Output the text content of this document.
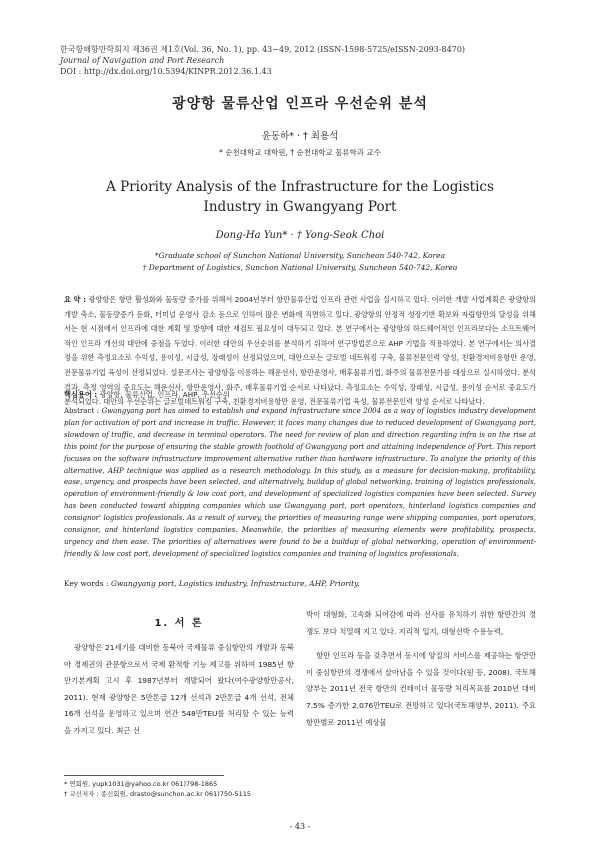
한국항해항만학회지 제36권 제1호(Vol. 36, No. 1), pp. 43~49, 2012 (ISSN-1598-5725/eISSN-2093-8470)
Journal of Navigation and Port Research
DOI : http://dx.doi.org/10.5394/KINPR.2012.36.1.43
광양항 물류산업 인프라 우선순위 분석
윤동하* · † 최용석
* 순천대학교 대학원, † 순천대학교 물류학과 교수
A Priority Analysis of the Infrastructure for the Logistics Industry in Gwangyang Port
Dong-Ha Yun* · † Yong-Seok Choi
*Graduate school of Sunchon National University, Suncheon 540-742, Korea
† Department of Logistics, Sunchon National University, Suncheon 540-742, Korea
요 약 : 광양항은 항만 활성화와 물동량 증가를 위해서 2004년부터 항만물류산업 인프라 관련 사업을 실시하고 있다. 이러한 개발 사업계획은 광양항의 개발 축소, 물동량증가 둔화, 터미널 운영사 감소 등으로 인하여 많은 변화에 직면하고 있다. 광양항의 안정적 성장기반 확보와 자립항만의 달성을 위해서는 현 시점에서 인프라에 대한 계획 및 방향에 대한 재검토 필요성이 대두되고 있다. 본 연구에서는 광양항의 하드웨어적인 인프라보다는 소프트웨어적인 인프라 개선의 대안에 중점을 두었다. 이러한 대안의 우선순위를 분석하기 위하여 연구방법론으로 AHP 기법을 적용하였다. 본 연구에서는 의사결정을 위한 측정요소로 수익성, 용이성, 시급성, 장래성이 선정되었으며, 대안으로는 글로벌 네트워킹 구축, 물류전문인력 양성, 친환경저비용항만 운영, 전문물류기업 육성이 선정되었다. 설문조사는 광양항을 이용하는 해운선사, 항만운영사, 배후물류기업, 화주의 물류전문가를 대상으로 실시하였다. 분석 결과, 측정 영역의 중요도는 해운선사, 항만운영사, 화주, 배후물류기업 순서로 나타났다. 측정요소는 수익성, 장래성, 시급성, 용이성 순서로 중요도가 분석되었다. 대안의 우선순위는 글로벌네트워킹 구축, 친환경저비용항만 운영, 전문물류기업 육성, 물류전문인력 양성 순서로 나타났다.
핵심용어 : 광양항, 물류산업, 인프라, AHP, 우선순위
Abstract : Gwangyang port has aimed to establish and expand infrastructure since 2004 as a way of logistics industry development plan for activation of port and increase in traffic. However, it faces many changes due to reduced development of Gwangyang port, slowdown of traffic, and decrease in terminal operators. The need for review of plan and direction regarding infra is on the rise at this point for the purpose of ensuring the stable growth foothold of Gwangyang port and attaining independence of Port. This report focuses on the software infrastructure improvement alternative rather than hardware infrastructure. To analyze the priority of this alternative, AHP technique was applied as a research methodology. In this study, as a measure for decision-making, profitability, ease, urgency, and prospects have been selected, and alternatively, buildup of global networking, training of logistics professionals, operation of environment-friendly & low cost port, and development of specialized logistics companies have been selected. Survey has been conducted toward shipping companies which use Gwangyang port, port operators, hinterland logistics companies and consignor' logistics professionals. As a result of survey, the priorities of measuring range were shipping companies, port operators, consignor, and hinterland logistics companies. Meanwhile, the priorities of measuring elements were profitability, prospects, urgency and then ease. The priorities of alternatives were found to be a buildup of global networking, operation of environment-friendly & low cost port, development of specialized logistics companies and training of logistics professionals.
Key words : Gwangyang port, Logistics industry, Infrastructure, AHP, Priority.
1. 서 론

광양항은 21세기를 대비한 동북아 국제물류 중심항만의 개발과 동북아 경제권의 관문항으로서 국제 환적항 기능 제고를 위하여 1985년 항만기본계획 고시 후 1987년부터 개발되어 왔다(여수광양항만공사, 2011). 현재 광양항은 5만톤급 12개 선석과 2만톤급 4개 선석, 전체 16개 선석을 운영하고 있으며 연간 548만TEU를 처리할 수 있는 능력을 가지고 있다. 최근 선

박이 대형화, 고속화 되어감에 따라 선사를 유치하기 위한 항만간의 경쟁도 보다 치열해 지고 있다. 지리적 입지, 대형선박 수용능력,

항만 인프라 등을 갖추면서 동시에 양질의 서비스를 제공하는 항만만이 중심항만의 경쟁에서 살아남을 수 있을 것이다(원 등, 2008). 국토해양부는 2011년 전국 항만의 컨테이너 물동량 처리목표를 2010년 대비 7.5% 증가한 2,076만TEU로 전망하고 있다(국토해양부, 2011). 주요 항만별로 2011년 예상물

* 연회원, yupk1031@yahoo.co.kr 061)798-1865
† 교신저자 : 종신회원, drasto@sunchon.ac.kr 061)750-5115
- 43 -
